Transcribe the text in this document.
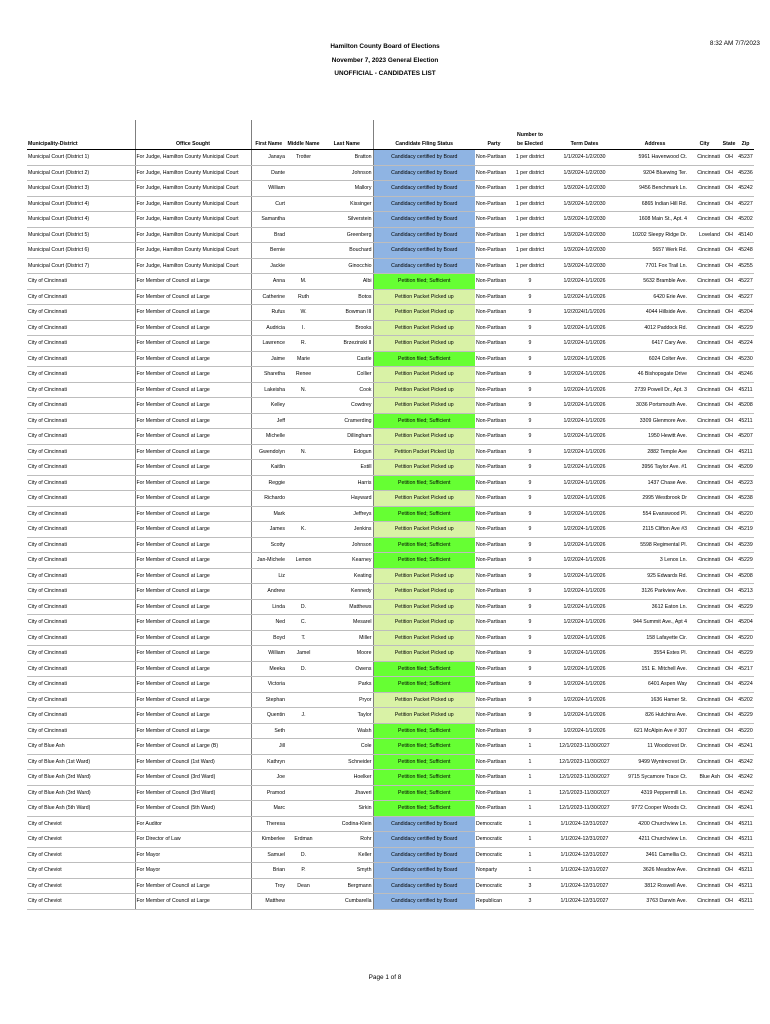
Hamilton County Board of Elections
November 7, 2023 General Election
UNOFFICIAL - CANDIDATES LIST
8:32 AM 7/7/2023
Municipality-District	Office Sought	First Name	Middle Name	Last Name	Candidate Filing Status	Party	Number to be Elected	Term Dates	Address	City	State	Zip
Municipal Court (District 1)	For Judge, Hamilton County Municipal Court	Janaya	Trotter	Bratton	Candidacy certified by Board	Non-Partisan	1 per district	1/1/2024-1/2/2030	5961 Havenwood Ct.	Cincinnati	OH	45237
Municipal Court (District 2)	For Judge, Hamilton County Municipal Court	Dante		Johnson	Candidacy certified by Board	Non-Partisan	1 per district	1/3/2024-1/2/2030	9204 Bluewing Ter.	Cincinnati	OH	45236
Municipal Court (District 3)	For Judge, Hamilton County Municipal Court	William		Mallory	Candidacy certified by Board	Non-Partisan	1 per district	1/3/2024-1/2/2030	9456 Benchmark Ln.	Cincinnati	OH	45242
Municipal Court (District 4)	For Judge, Hamilton County Municipal Court	Curt		Kissinger	Candidacy certified by Board	Non-Partisan	1 per district	1/3/2024-1/2/2030	6865 Indian Hill Rd.	Cincinnati	OH	45227
Municipal Court (District 4)	For Judge, Hamilton County Municipal Court	Samantha		Silverstein	Candidacy certified by Board	Non-Partisan	1 per district	1/3/2024-1/2/2030	1608 Main St., Apt. 4	Cincinnati	OH	45202
Municipal Court (District 5)	For Judge, Hamilton County Municipal Court	Brad		Greenberg	Candidacy certified by Board	Non-Partisan	1 per district	1/3/2024-1/2/2030	10202 Sleepy Ridge Dr.	Loveland	OH	45140
Municipal Court (District 6)	For Judge, Hamilton County Municipal Court	Bernie		Bouchard	Candidacy certified by Board	Non-Partisan	1 per district	1/3/2024-1/2/2030	5657 Werk Rd.	Cincinnati	OH	45248
Municipal Court (District 7)	For Judge, Hamilton County Municipal Court	Jackie		Ginocchio	Candidacy certified by Board	Non-Partisan	1 per district	1/3/2024-1/2/2030	7701 Fox Trail Ln.	Cincinnati	OH	45255
City of Cincinnati	For Member of Council at Large	Anna	M.	Albi	Petition filed; Sufficient	Non-Partisan	9	1/2/2024-1/1/2026	5632 Bramble Ave.	Cincinnati	OH	45227
City of Cincinnati	For Member of Council at Large	Catherine	Ruth	Botos	Petition Packet Picked up	Non-Partisan	9	1/2/2024-1/1/2026	6420 Erie Ave.	Cincinnati	OH	45227
City of Cincinnati	For Member of Council at Large	Rufus	W.	Bowman III	Petition Packet Picked up	Non-Partisan	9	1/2/2024/1/1/2026	4044 Hillside Ave.	Cincinnati	OH	45204
City of Cincinnati	For Member of Council at Large	Audricia	I.	Brooks	Petition Packet Picked up	Non-Partisan	9	1/2/2024-1/1/2026	4012 Paddock Rd.	Cincinnati	OH	45229
City of Cincinnati	For Member of Council at Large	Lawrence	R.	Brzezinski II	Petition Packet Picked up	Non-Partisan	9	1/2/2024-1/1/2026	6417 Cary Ave.	Cincinnati	OH	45224
City of Cincinnati	For Member of Council at Large	Jaime	Marie	Castle	Petition filed; Sufficient	Non-Partisan	9	1/2/2024-1/1/2026	6024 Colter Ave.	Cincinnati	OH	45230
City of Cincinnati	For Member of Council at Large	Sharetha	Renee	Collier	Petition Packet Picked up	Non-Partisan	9	1/2/2024-1/1/2026	46 Bishopsgate Drive	Cincinnati	OH	45246
City of Cincinnati	For Member of Council at Large	Lakeisha	N.	Cook	Petition Packet Picked up	Non-Partisan	9	1/2/2024-1/1/2026	2739 Powell Dr., Apt. 3	Cincinnati	OH	45211
City of Cincinnati	For Member of Council at Large	Kelley		Cowdrey	Petition Packet Picked up	Non-Partisan	9	1/2/2024-1/1/2026	3036 Portsmouth Ave.	Cincinnati	OH	45208
City of Cincinnati	For Member of Council at Large	Jeff		Cramerding	Petition filed; Sufficient	Non-Partisan	9	1/2/2024-1/1/2026	3309 Glenmore Ave.	Cincinnati	OH	45211
City of Cincinnati	For Member of Council at Large	Michelle		Dillingham	Petition Packet Picked up	Non-Partisan	9	1/2/2024-1/1/2026	1950 Hewitt Ave.	Cincinnati	OH	45207
City of Cincinnati	For Member of Council at Large	Gwendolyn	N.	Edogun	Petition Packet Picked Up	Non-Partisan	9	1/2/2024-1/1/2026	2882 Temple Ave	Cincinnati	OH	45211
City of Cincinnati	For Member of Council at Large	Kaitlin		Estill	Petition Packet Picked up	Non-Partisan	9	1/2/2024-1/1/2026	3956 Taylor Ave. #1	Cincinnati	OH	45209
City of Cincinnati	For Member of Council at Large	Reggie		Harris	Petition filed; Sufficient	Non-Partisan	9	1/2/2024-1/1/2026	1437 Chase Ave.	Cincinnati	OH	45223
City of Cincinnati	For Member of Council at Large	Richardo		Hayward	Petition Packet Picked up	Non-Partisan	9	1/2/2024-1/1/2026	2995 Westbrook Dr	Cincinnati	OH	45238
City of Cincinnati	For Member of Council at Large	Mark		Jeffreys	Petition filed; Sufficient	Non-Partisan	9	1/2/2024-1/1/2026	554 Evanswood Pl.	Cincinnati	OH	45220
City of Cincinnati	For Member of Council at Large	James	K.	Jenkins	Petition Packet Picked up	Non-Partisan	9	1/2/2024-1/1/2026	2115 Clifton Ave #3	Cincinnati	OH	45219
City of Cincinnati	For Member of Council at Large	Scotty		Johnson	Petition filed; Sufficient	Non-Partisan	9	1/2/2024-1/1/2026	5598 Regimental Pl.	Cincinnati	OH	45239
City of Cincinnati	For Member of Council at Large	Jan-Michele	Lemon	Kearney	Petition filed; Sufficient	Non-Partisan	9	1/2/2024-1/1/2026	3 Lenox Ln.	Cincinnati	OH	45229
City of Cincinnati	For Member of Council at Large	Liz		Keating	Petition Packet Picked up	Non-Partisan	9	1/2/2024-1/1/2026	925 Edwards Rd.	Cincinnati	OH	45208
City of Cincinnati	For Member of Council at Large	Andrew		Kennedy	Petition Packet Picked up	Non-Partisan	9	1/2/2024-1/1/2026	3126 Parkview Ave.	Cincinnati	OH	45213
City of Cincinnati	For Member of Council at Large	Linda	D.	Matthews	Petition Packet Picked up	Non-Partisan	9	1/2/2024-1/1/2026	3612 Eaton Ln.	Cincinnati	OH	45229
City of Cincinnati	For Member of Council at Large	Ned	C.	Mesarel	Petition Packet Picked up	Non-Partisan	9	1/2/2024-1/1/2026	944 Summit Ave., Apt 4	Cincinnati	OH	45204
City of Cincinnati	For Member of Council at Large	Boyd	T.	Miller	Petition Packet Picked up	Non-Partisan	9	1/2/2024-1/1/2026	158 Lafayette Cir.	Cincinnati	OH	45220
City of Cincinnati	For Member of Council at Large	William	Jamel	Moore	Petition Packet Picked up	Non-Partisan	9	1/2/2024-1/1/2026	3554 Estes Pl.	Cincinnati	OH	45229
City of Cincinnati	For Member of Council at Large	Meeka	D.	Owens	Petition filed; Sufficient	Non-Partisan	9	1/2/2024-1/1/2026	151 E. Mitchell Ave.	Cincinnati	OH	45217
City of Cincinnati	For Member of Council at Large	Victoria		Parks	Petition filed; Sufficient	Non-Partisan	9	1/2/2024-1/1/2026	6401 Aspen Way	Cincinnati	OH	45224
City of Cincinnati	For Member of Council at Large	Stephan		Pryor	Petition Packet Picked up	Non-Partisan	9	1/2/2024-1/1/2026	1636 Hamer St.	Cincinnati	OH	45202
City of Cincinnati	For Member of Council at Large	Quentin	J.	Taylor	Petition Packet Picked up	Non-Partisan	9	1/2/2024-1/1/2026	826 Hutchins Ave.	Cincinnati	OH	45229
City of Cincinnati	For Member of Council at Large	Seth		Walsh	Petition filed; Sufficient	Non-Partisan	9	1/2/2024-1/1/2026	621 McAlpin Ave # 307	Cincinnati	OH	45220
City of Blue Ash	For Member of Council at Large (B)	Jill		Cole	Petition filed; Sufficient	Non-Partisan	1	12/1/2023-11/30/2027	11 Woodcrest Dr.	Cincinnati	OH	45241
City of Blue Ash (1st Ward)	For Member of Council (1st Ward)	Kathryn		Schneider	Petition filed; Sufficient	Non-Partisan	1	12/1/2023-11/30/2027	9499 Wyntrecrest Dr.	Cincinnati	OH	45242
City of Blue Ash (3rd Ward)	For Member of Council (3rd Ward)	Joe		Hoelker	Petition filed; Sufficient	Non-Partisan	1	12/1/2023-11/30/2027	9715 Sycamore Trace Ct.	Blue Ash	OH	45242
City of Blue Ash (3rd Ward)	For Member of Council (3rd Ward)	Pramod		Jhaveri	Petition filed; Sufficient	Non-Partisan	1	12/1/2023-11/30/2027	4319 Peppermill Ln.	Cincinnati	OH	45242
City of Blue Ash (5th Ward)	For Member of Council (5th Ward)	Marc		Sirkin	Petition filed; Sufficient	Non-Partisan	1	12/1/2023-11/30/2027	9772 Cooper Woods Ct.	Cincinnati	OH	45241
City of Cheviot	For Auditor	Theresa		Codina-Klein	Candidacy certified by Board	Democratic	1	1/1/2024-12/31/2027	4200 Churchview Ln.	Cincinnati	OH	45211
City of Cheviot	For Director of Law	Kimberlee	Erdman	Rohr	Candidacy certified by Board	Democratic	1	1/1/2024-12/31/2027	4211 Churchview Ln.	Cincinnati	OH	45211
City of Cheviot	For Mayor	Samuel	D.	Keller	Candidacy certified by Board	Democratic	1	1/1/2024-12/31/2027	3461 Camellia Ct.	Cincinnati	OH	45211
City of Cheviot	For Mayor	Brian	P.	Smyth	Candidacy certified by Board	Nonparty	1	1/1/2024-12/31/2027	3626 Meadow Ave.	Cincinnati	OH	45211
City of Cheviot	For Member of Council at Large	Troy	Dean	Bergmann	Candidacy certified by Board	Democratic	3	1/1/2024-12/31/2027	3812 Roswell Ave.	Cincinnati	OH	45211
City of Cheviot	For Member of Council at Large	Matthew		Cumbarella	Candidacy certified by Board	Republican	3	1/1/2024-12/31/2027	3763 Darwin Ave.	Cincinnati	OH	45211
Page 1 of 8
